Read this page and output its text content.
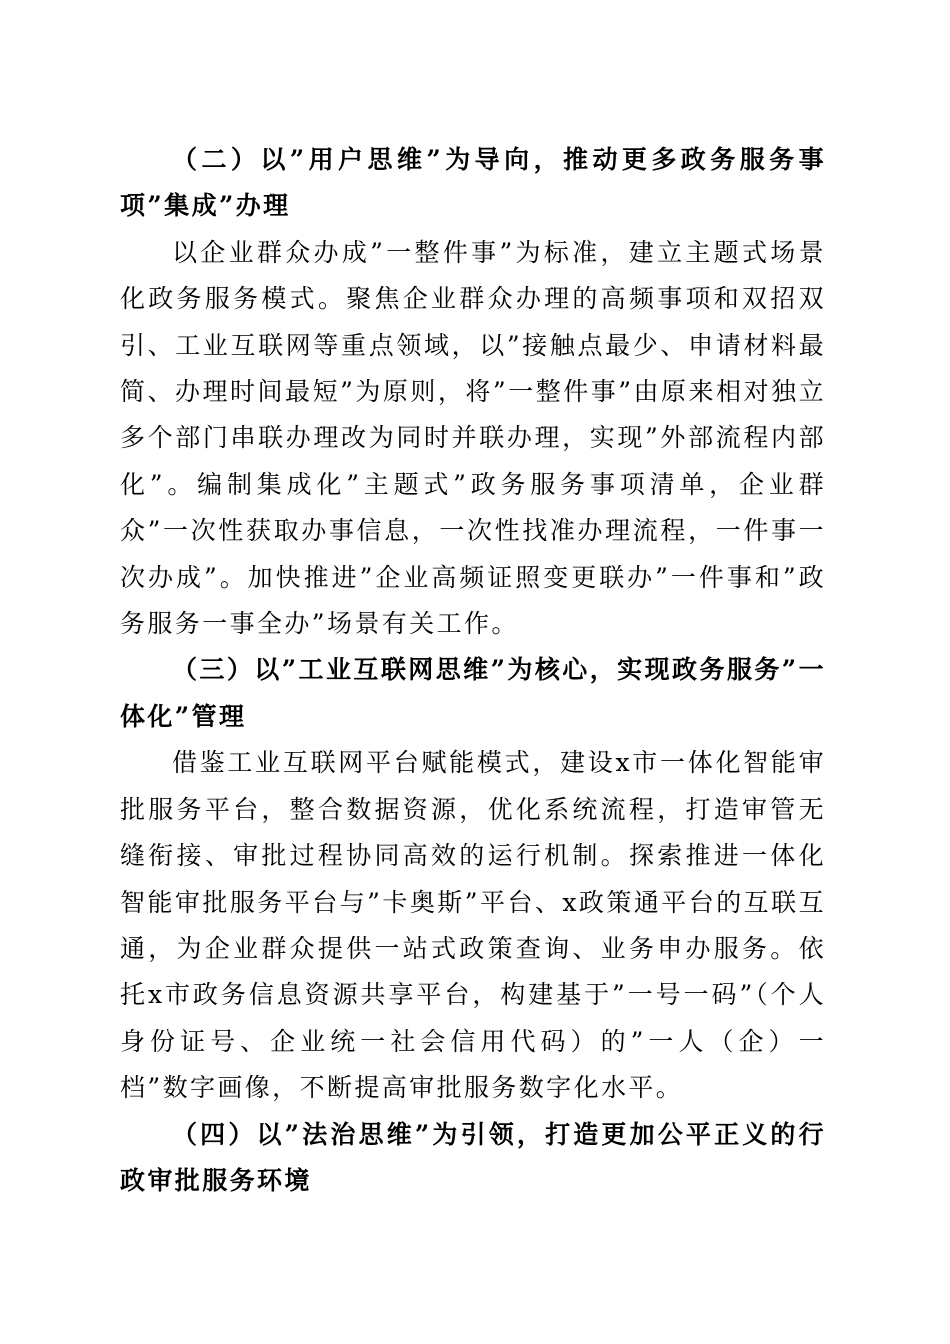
（二）以”用户思维”为导向，推动更多政务服务事项”集成”办理

以企业群众办成”一整件事”为标准，建立主题式场景化政务服务模式。聚焦企业群众办理的高频事项和双招双引、工业互联网等重点领域，以”接触点最少、申请材料最简、办理时间最短”为原则，将”一整件事”由原来相对独立多个部门串联办理改为同时并联办理，实现”外部流程内部化”。编制集成化”主题式”政务服务事项清单，企业群众”一次性获取办事信息，一次性找准办理流程，一件事一次办成”。加快推进”企业高频证照变更联办”一件事和”政务服务一事全办”场景有关工作。

（三）以”工业互联网思维”为核心，实现政务服务”一体化”管理

借鉴工业互联网平台赋能模式，建设x市一体化智能审批服务平台，整合数据资源，优化系统流程，打造审管无缝衔接、审批过程协同高效的运行机制。探索推进一体化智能审批服务平台与”卡奥斯”平台、x政策通平台的互联互通，为企业群众提供一站式政策查询、业务申办服务。依托x市政务信息资源共享平台，构建基于”一号一码”（个人身份证号、企业统一社会信用代码）的”一人（企）一档”数字画像，不断提高审批服务数字化水平。

（四）以”法治思维”为引领，打造更加公平正义的行政审批服务环境
